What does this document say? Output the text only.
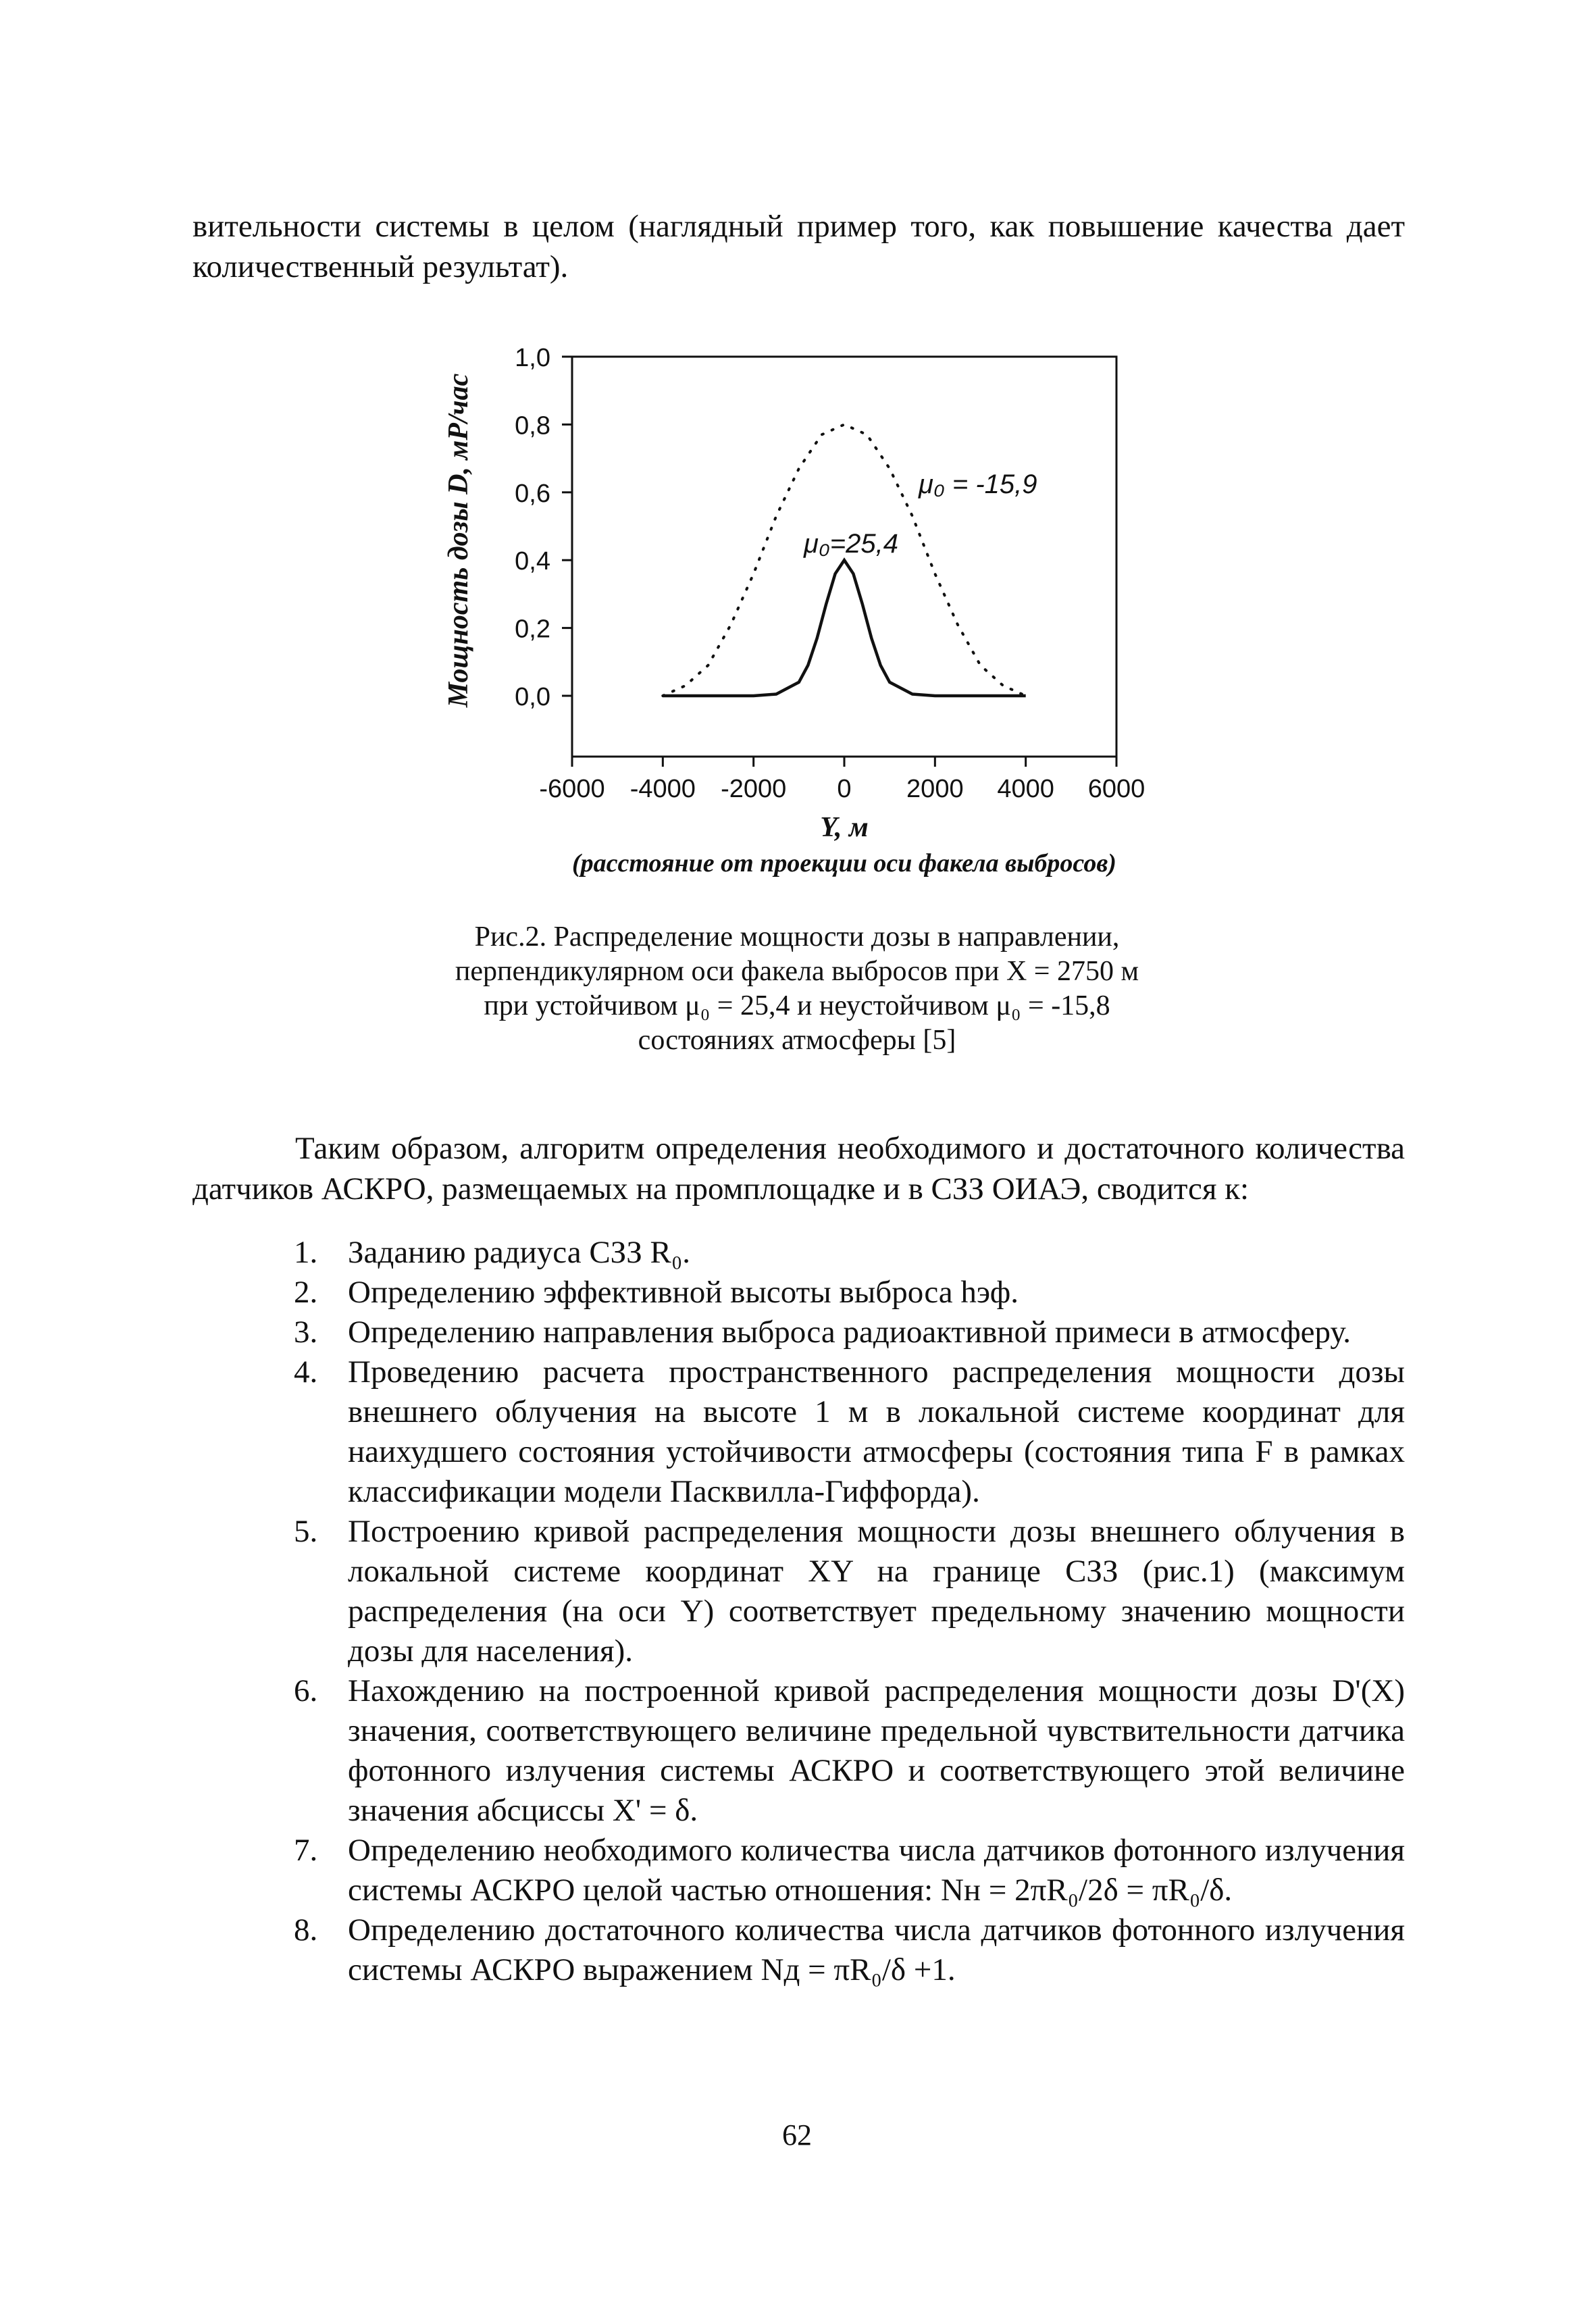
вительности системы в целом (наглядный пример того, как повышение качества дает количественный результат).

1,0
0,8
0,6
0,4
0,2
0,0
-6000 -4000 -2000 0 2000 4000 6000
μ₀=25,4
μ₀ = -15,9
Y, м
(расстояние от проекции оси факела выбросов)
Мощность дозы D, мР/час
Рис.2. Распределение мощности дозы в направлении,
перпендикулярном оси факела выбросов при X = 2750 м
при устойчивом μ₀ = 25,4 и неустойчивом μ₀ = -15,8
состояниях атмосферы [5]

Таким образом, алгоритм определения необходимого и достаточного количества датчиков АСКРО, размещаемых на промплощадке и в СЗЗ ОИАЭ, сводится к:

1. Заданию радиуса СЗЗ R₀.
2. Определению эффективной высоты выброса hэф.
3. Определению направления выброса радиоактивной примеси в атмосферу.
4. Проведению расчета пространственного распределения мощности дозы внешнего облучения на высоте 1 м в локальной системе координат для наихудшего состояния устойчивости атмосферы (состояния типа F в рамках классификации модели Пасквилла-Гиффорда).
5. Построению кривой распределения мощности дозы внешнего облучения в локальной системе координат XY на границе СЗЗ (рис.1) (максимум распределения (на оси Y) соответствует предельному значению мощности дозы для населения).
6. Нахождению на построенной кривой распределения мощности дозы D'(X) значения, соответствующего величине предельной чувствительности датчика фотонного излучения системы АСКРО и соответствующего этой величине значения абсциссы X' = δ.
7. Определению необходимого количества числа датчиков фотонного излучения системы АСКРО целой частью отношения: Nн = 2πR₀/2δ = πR₀/δ.
8. Определению достаточного количества числа датчиков фотонного излучения системы АСКРО выражением Nд = πR₀/δ +1.
62
